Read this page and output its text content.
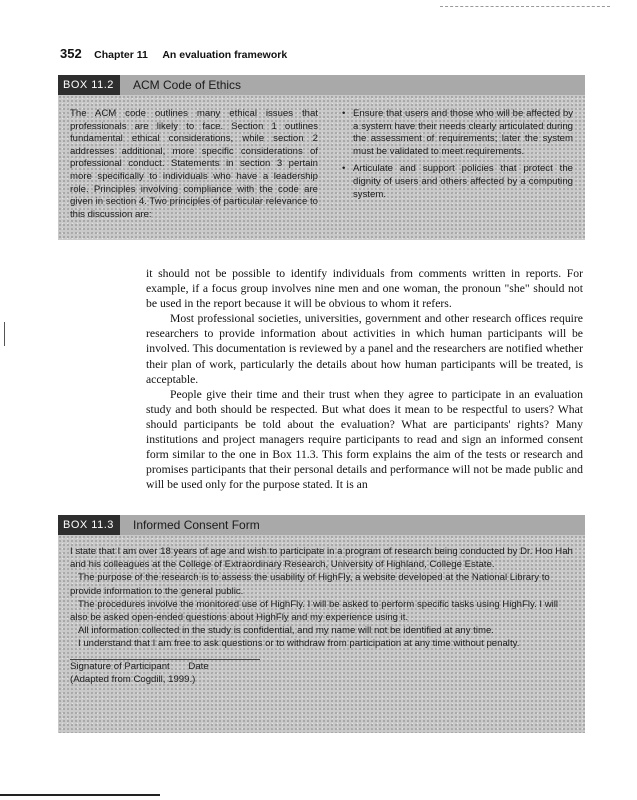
352 Chapter 11 An evaluation framework
BOX 11.2	ACM Code of Ethics
The ACM code outlines many ethical issues that professionals are likely to face. Section 1 outlines fundamental ethical considerations, while section 2 addresses additional, more specific considerations of professional conduct. Statements in section 3 pertain more specifically to individuals who have a leadership role. Principles involving compliance with the code are given in section 4. Two principles of particular relevance to this discussion are:
• Ensure that users and those who will be affected by a system have their needs clearly articulated during the assessment of requirements; later the system must be validated to meet requirements.
• Articulate and support policies that protect the dignity of users and others affected by a computing system.

it should not be possible to identify individuals from comments written in reports. For example, if a focus group involves nine men and one woman, the pronoun "she" should not be used in the report because it will be obvious to whom it refers.

Most professional societies, universities, government and other research offices require researchers to provide information about activities in which human participants will be involved. This documentation is reviewed by a panel and the researchers are notified whether their plan of work, particularly the details about how human participants will be treated, is acceptable.

People give their time and their trust when they agree to participate in an evaluation study and both should be respected. But what does it mean to be respectful to users? What should participants be told about the evaluation? What are participants' rights? Many institutions and project managers require participants to read and sign an informed consent form similar to the one in Box 11.3. This form explains the aim of the tests or research and promises participants that their personal details and performance will not be made public and will be used only for the purpose stated. It is an

BOX 11.3	Informed Consent Form

I state that I am over 18 years of age and wish to participate in a program of research being conducted by Dr. Hoo Hah and his colleagues at the College of Extraordinary Research, University of Highland, College Estate.

The purpose of the research is to assess the usability of HighFly, a website developed at the National Library to provide information to the general public.

The procedures involve the monitored use of HighFly. I will be asked to perform specific tasks using HighFly. I will also be asked open-ended questions about HighFly and my experience using it.

All information collected in the study is confidential, and my name will not be identified at any time.

I understand that I am free to ask questions or to withdraw from participation at any time without penalty.

Signature of Participant Date

(Adapted from Cogdill, 1999.)
